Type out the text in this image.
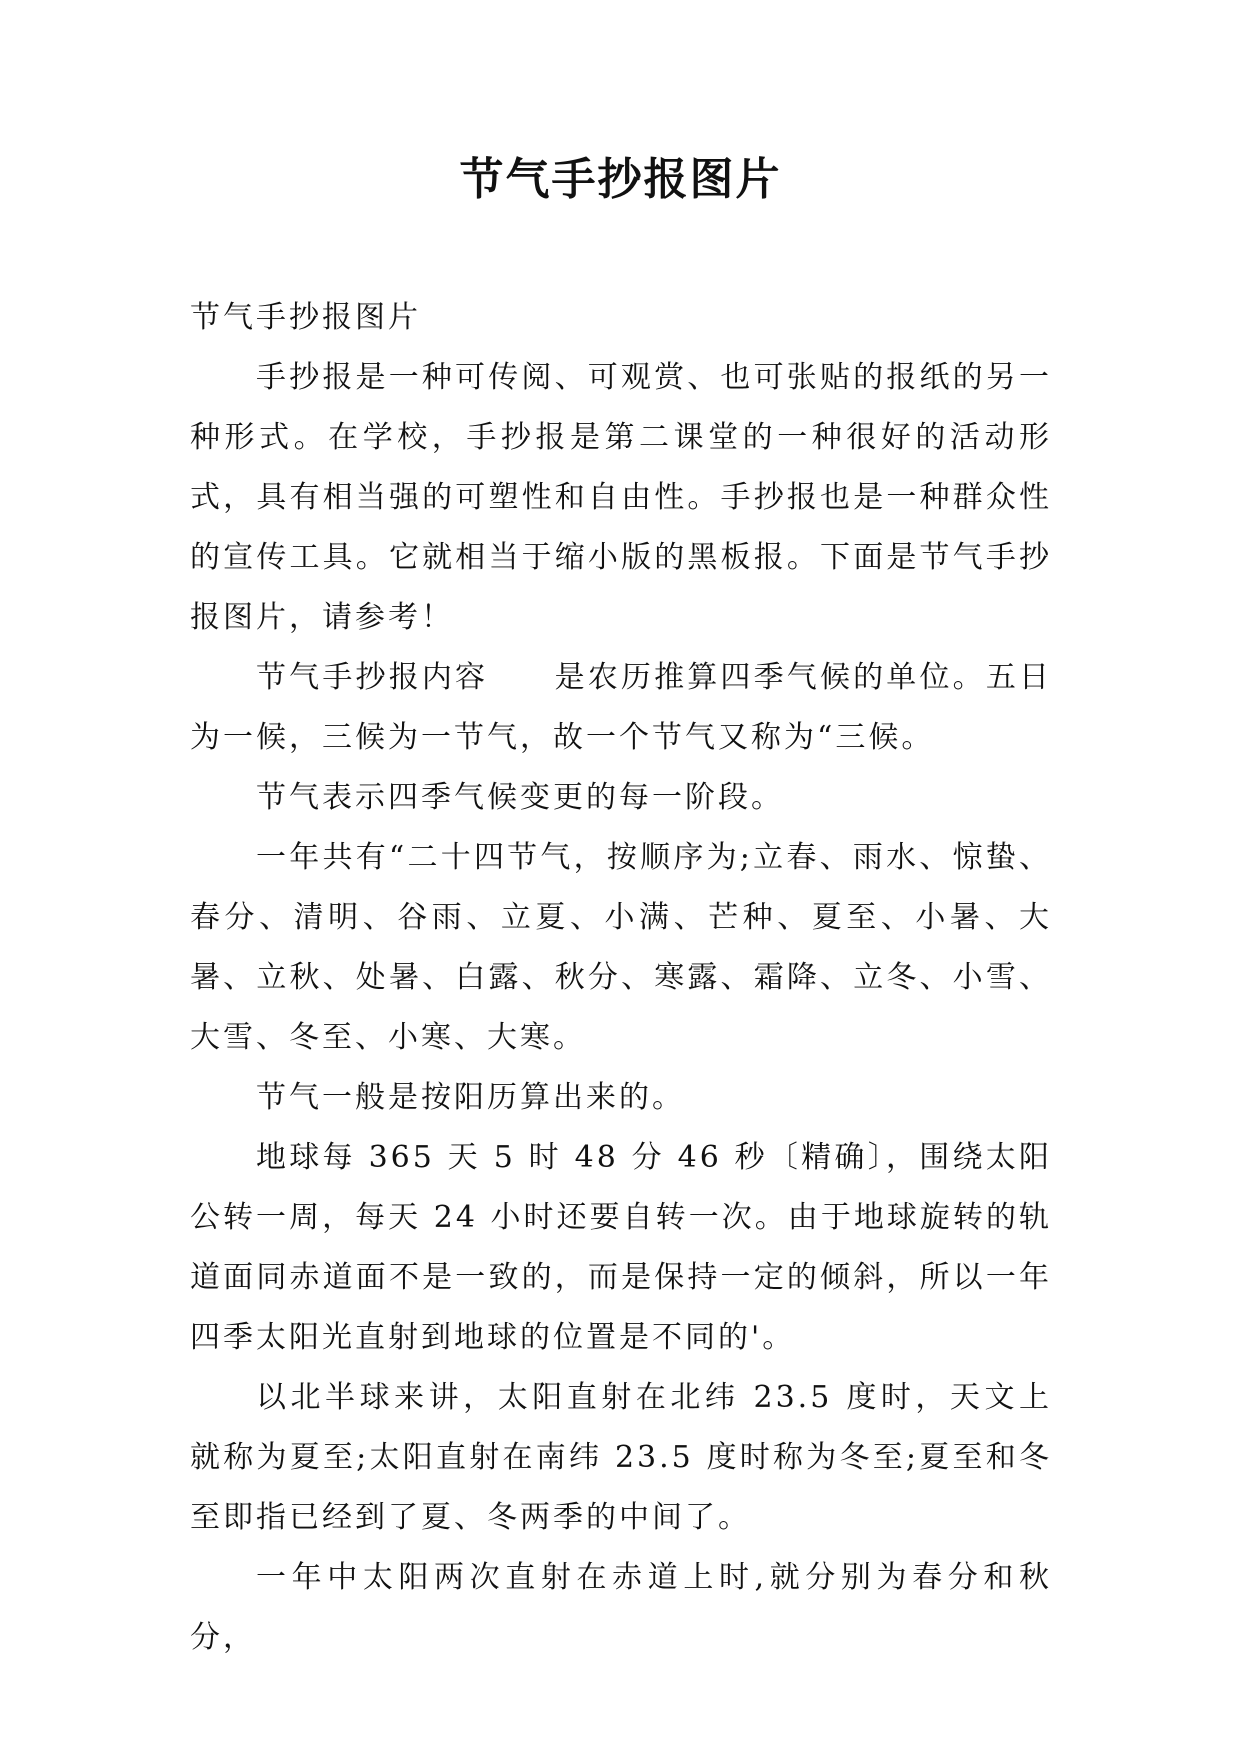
节气手抄报图片

节气手抄报图片

手抄报是一种可传阅、可观赏、也可张贴的报纸的另一种形式。在学校，手抄报是第二课堂的一种很好的活动形式，具有相当强的可塑性和自由性。手抄报也是一种群众性的宣传工具。它就相当于缩小版的黑板报。下面是节气手抄报图片，请参考！

节气手抄报内容　　是农历推算四季气候的单位。五日为一候，三候为一节气，故一个节气又称为“三候。

节气表示四季气候变更的每一阶段。

一年共有“二十四节气，按顺序为;立春、雨水、惊蛰、春分、清明、谷雨、立夏、小满、芒种、夏至、小暑、大暑、立秋、处暑、白露、秋分、寒露、霜降、立冬、小雪、大雪、冬至、小寒、大寒。

节气一般是按阳历算出来的。

地球每 365 天 5 时 48 分 46 秒〔精确〕，围绕太阳公转一周，每天 24 小时还要自转一次。由于地球旋转的轨道面同赤道面不是一致的，而是保持一定的倾斜，所以一年四季太阳光直射到地球的位置是不同的'。

以北半球来讲，太阳直射在北纬 23.5 度时，天文上就称为夏至;太阳直射在南纬 23.5 度时称为冬至;夏至和冬至即指已经到了夏、冬两季的中间了。

一年中太阳两次直射在赤道上时,就分别为春分和秋分，
